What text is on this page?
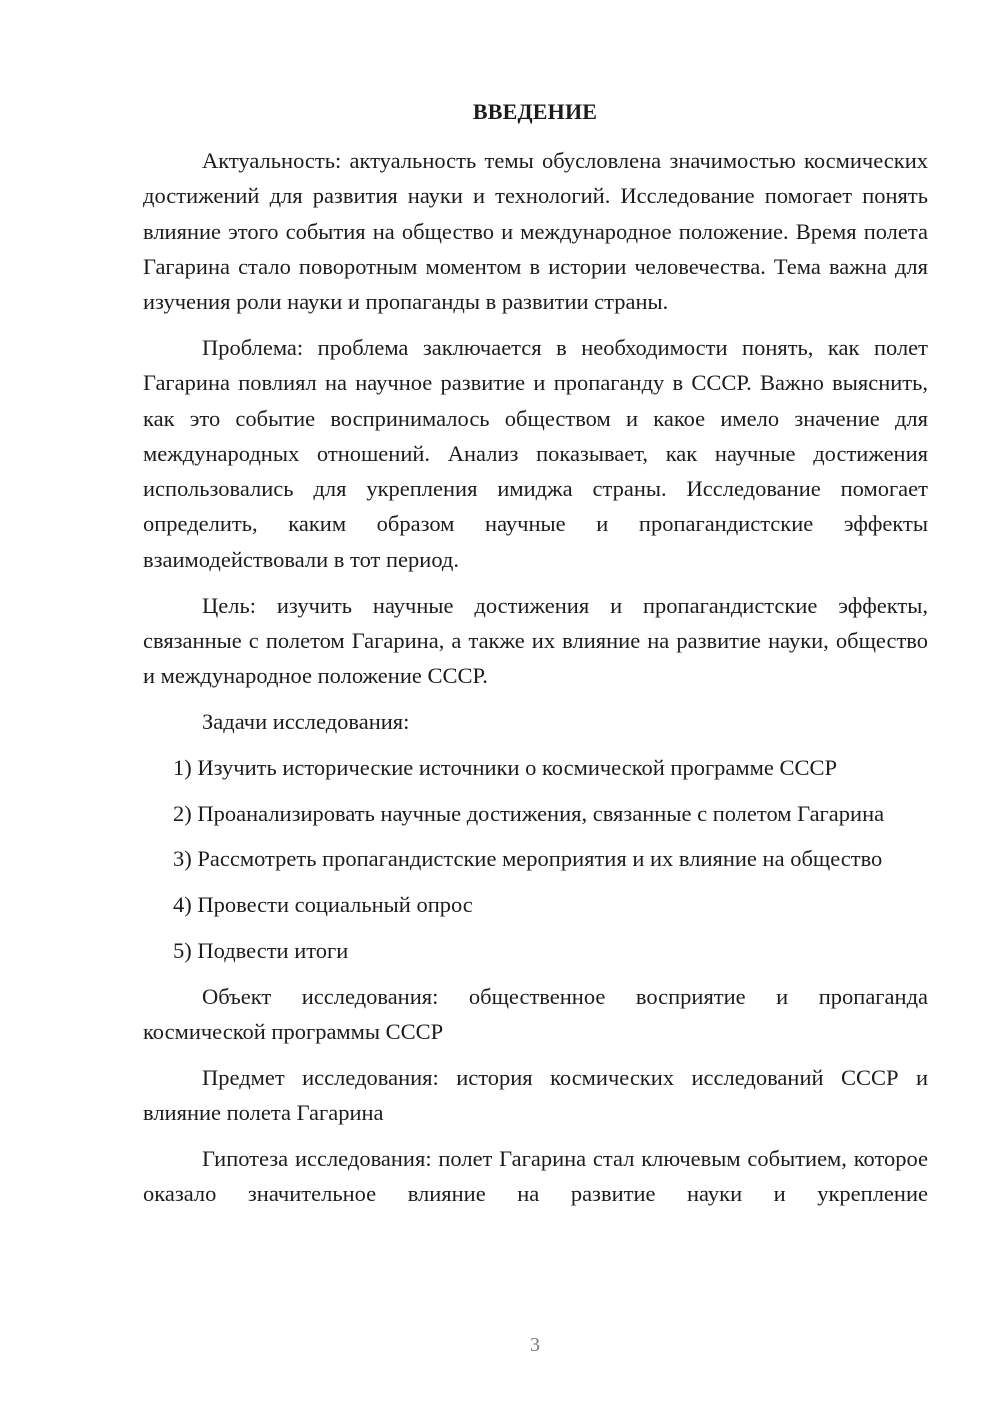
ВВЕДЕНИЕ

Актуальность: актуальность темы обусловлена значимостью космических достижений для развития науки и технологий. Исследование помогает понять влияние этого события на общество и международное положение. Время полета Гагарина стало поворотным моментом в истории человечества. Тема важна для изучения роли науки и пропаганды в развитии страны.

Проблема: проблема заключается в необходимости понять, как полет Гагарина повлиял на научное развитие и пропаганду в СССР. Важно выяснить, как это событие воспринималось обществом и какое имело значение для международных отношений. Анализ показывает, как научные достижения использовались для укрепления имиджа страны. Исследование помогает определить, каким образом научные и пропагандистские эффекты взаимодействовали в тот период.

Цель: изучить научные достижения и пропагандистские эффекты, связанные с полетом Гагарина, а также их влияние на развитие науки, общество и международное положение СССР.

Задачи исследования:

1) Изучить исторические источники о космической программе СССР

2) Проанализировать научные достижения, связанные с полетом Гагарина

3) Рассмотреть пропагандистские мероприятия и их влияние на общество

4) Провести социальный опрос

5) Подвести итоги

Объект исследования: общественное восприятие и пропаганда космической программы СССР

Предмет исследования: история космических исследований СССР и влияние полета Гагарина

Гипотеза исследования: полет Гагарина стал ключевым событием, которое оказало значительное влияние на развитие науки и укрепление

3
